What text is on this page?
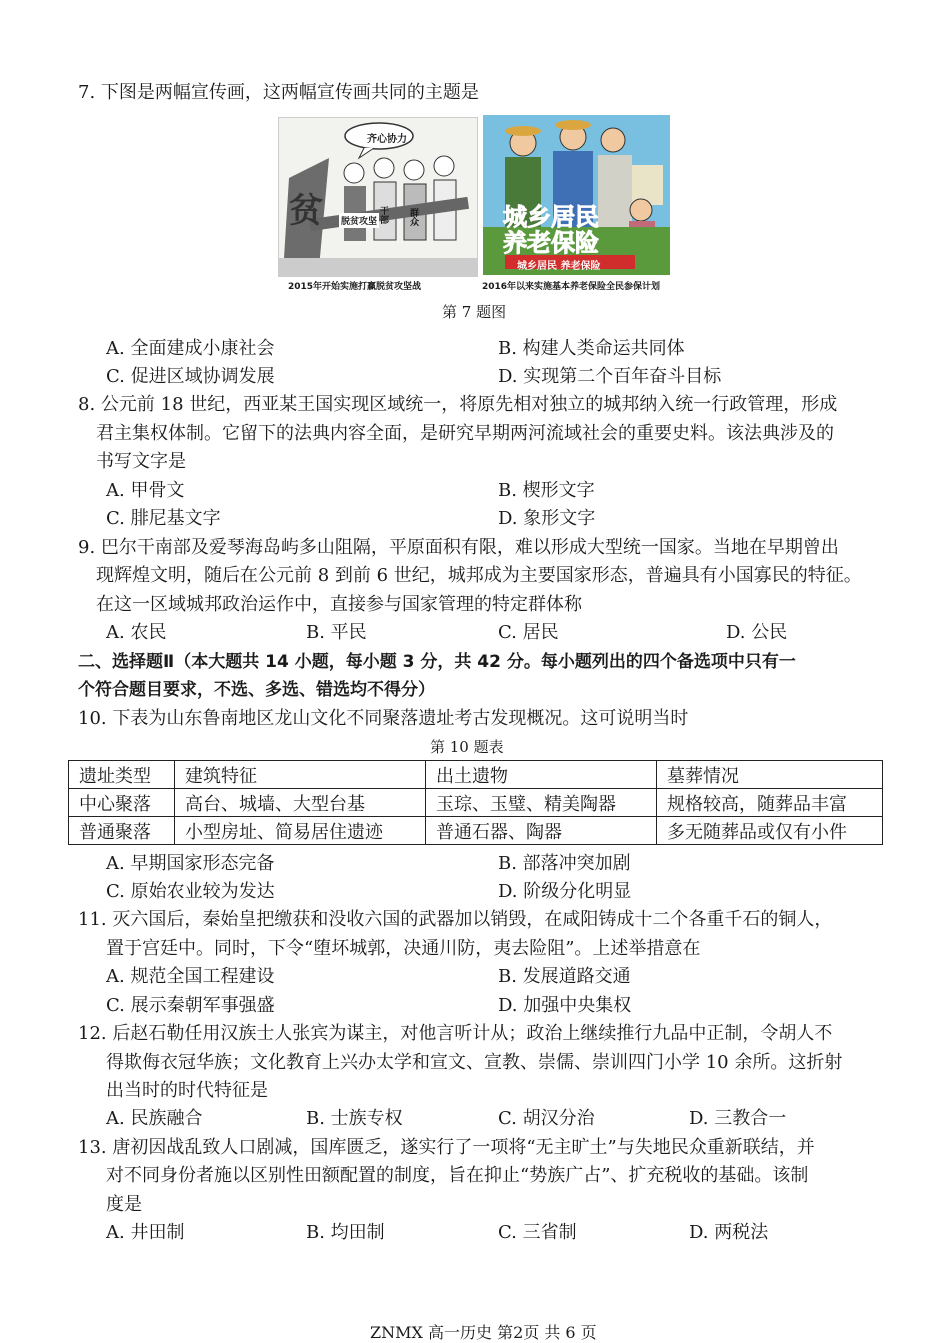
7. 下图是两幅宣传画，这两幅宣传画共同的主题是
齐心协力
贫 脱贫攻坚 干部 群众
2015年开始实施打赢脱贫攻坚战
城乡居民
养老保险
城乡居民 养老保险
2016年以来实施基本养老保险全民参保计划
第 7 题图
A. 全面建成小康社会	B. 构建人类命运共同体
C. 促进区域协调发展	D. 实现第二个百年奋斗目标
8. 公元前 18 世纪，西亚某王国实现区域统一，将原先相对独立的城邦纳入统一行政管理，形成
君主集权体制。它留下的法典内容全面，是研究早期两河流域社会的重要史料。该法典涉及的
书写文字是
A. 甲骨文	B. 楔形文字
C. 腓尼基文字	D. 象形文字
9. 巴尔干南部及爱琴海岛屿多山阻隔，平原面积有限，难以形成大型统一国家。当地在早期曾出
现辉煌文明，随后在公元前 8 到前 6 世纪，城邦成为主要国家形态，普遍具有小国寡民的特征。
在这一区域城邦政治运作中，直接参与国家管理的特定群体称
A. 农民	B. 平民	C. 居民	D. 公民
二、选择题Ⅱ（本大题共 14 小题，每小题 3 分，共 42 分。每小题列出的四个备选项中只有一
个符合题目要求，不选、多选、错选均不得分）
10. 下表为山东鲁南地区龙山文化不同聚落遗址考古发现概况。这可说明当时
第 10 题表
遗址类型	建筑特征	出土遗物	墓葬情况
中心聚落	高台、城墙、大型台基	玉琮、玉璧、精美陶器	规格较高，随葬品丰富
普通聚落	小型房址、简易居住遗迹	普通石器、陶器	多无随葬品或仅有小件
A. 早期国家形态完备	B. 部落冲突加剧
C. 原始农业较为发达	D. 阶级分化明显
11. 灭六国后，秦始皇把缴获和没收六国的武器加以销毁，在咸阳铸成十二个各重千石的铜人，
置于宫廷中。同时，下令“堕坏城郭，决通川防，夷去险阻”。上述举措意在
A. 规范全国工程建设	B. 发展道路交通
C. 展示秦朝军事强盛	D. 加强中央集权
12. 后赵石勒任用汉族士人张宾为谋主，对他言听计从；政治上继续推行九品中正制，令胡人不
得欺侮衣冠华族；文化教育上兴办太学和宣文、宣教、崇儒、崇训四门小学 10 余所。这折射
出当时的时代特征是
A. 民族融合	B. 士族专权	C. 胡汉分治	D. 三教合一
13. 唐初因战乱致人口剧减，国库匮乏，遂实行了一项将“无主旷土”与失地民众重新联结，并
对不同身份者施以区别性田额配置的制度，旨在抑止“势族广占”、扩充税收的基础。该制
度是
A. 井田制	B. 均田制	C. 三省制	D. 两税法
ZNMX 高一历史 第2页 共 6 页
